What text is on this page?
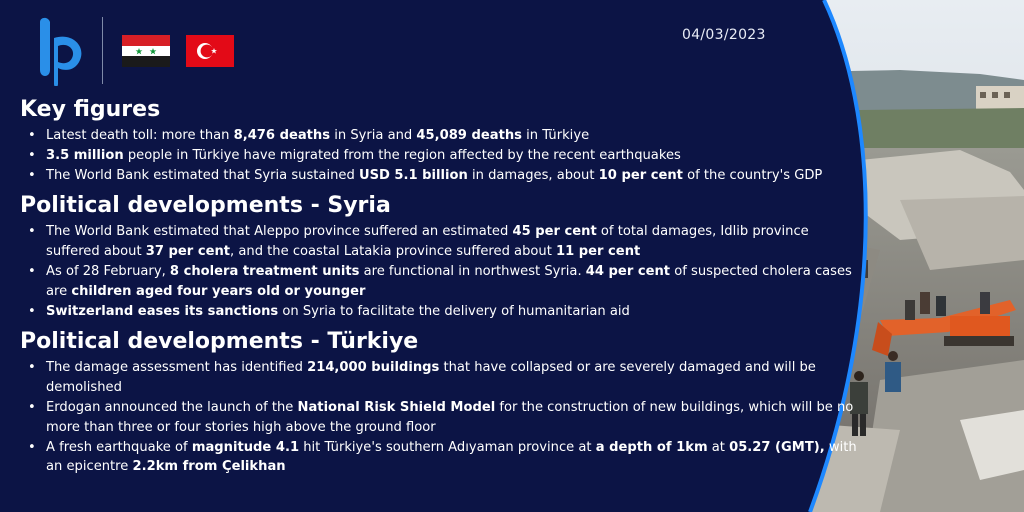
04/03/2023
Key figures
• Latest death toll: more than 8,476 deaths in Syria and 45,089 deaths in Türkiye
• 3.5 million people in Türkiye have migrated from the region affected by the recent earthquakes
• The World Bank estimated that Syria sustained USD 5.1 billion in damages, about 10 per cent of the country's GDP
Political developments - Syria
• The World Bank estimated that Aleppo province suffered an estimated 45 per cent of total damages, Idlib province suffered about 37 per cent, and the coastal Latakia province suffered about 11 per cent
• As of 28 February, 8 cholera treatment units are functional in northwest Syria. 44 per cent of suspected cholera cases are children aged four years old or younger
• Switzerland eases its sanctions on Syria to facilitate the delivery of humanitarian aid
Political developments - Türkiye
• The damage assessment has identified 214,000 buildings that have collapsed or are severely damaged and will be demolished
• Erdogan announced the launch of the National Risk Shield Model for the construction of new buildings, which will be no more than three or four stories high above the ground floor
• A fresh earthquake of magnitude 4.1 hit Türkiye's southern Adıyaman province at a depth of 1km at 05.27 (GMT), with an epicentre 2.2km from Çelikhan
